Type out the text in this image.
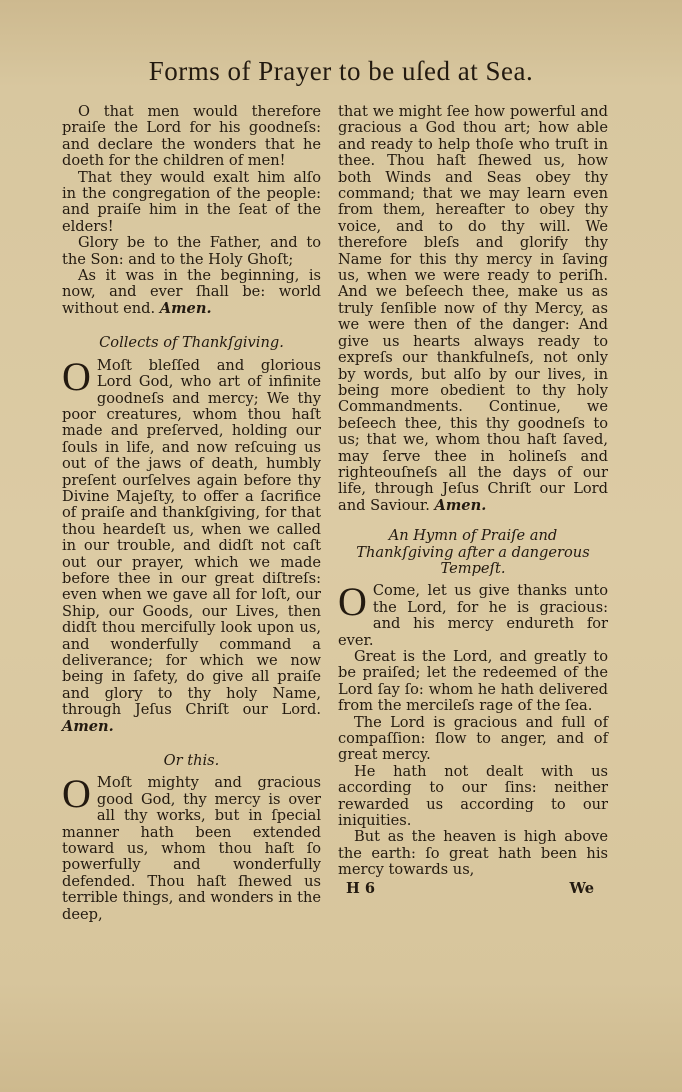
Forms of Prayer to be uſed at Sea.

O that men would therefore praiſe the Lord for his goodneſs: and declare the wonders that he doeth for the children of men!

That they would exalt him alſo in the congregation of the people: and praiſe him in the ſeat of the elders!

Glory be to the Father, and to the Son: and to the Holy Ghoſt;

As it was in the beginning, is now, and ever ſhall be: world without end. Amen.

Collects of Thankſgiving.

O Moſt bleſſed and glorious Lord God, who art of infinite goodneſs and mercy; We thy poor creatures, whom thou haſt made and preſerved, holding our ſouls in life, and now reſcuing us out of the jaws of death, humbly preſent ourſelves again before thy Divine Majeſty, to offer a ſacrifice of praiſe and thankſgiving, for that thou heardeſt us, when we called in our trouble, and didſt not caſt out our prayer, which we made before thee in our great diſtreſs: even when we gave all for loſt, our Ship, our Goods, our Lives, then didſt thou mercifully look upon us, and wonderfully command a deliverance; for which we now being in ſafety, do give all praiſe and glory to thy holy Name, through Jeſus Chriſt our Lord. Amen.

Or this.

O Moſt mighty and gracious good God, thy mercy is over all thy works, but in ſpecial manner hath been extended toward us, whom thou haſt ſo powerfully and wonderfully defended. Thou haſt ſhewed us terrible things, and wonders in the deep,

that we might ſee how powerful and gracious a God thou art; how able and ready to help thoſe who truſt in thee. Thou haſt ſhewed us, how both Winds and Seas obey thy command; that we may learn even from them, hereafter to obey thy voice, and to do thy will. We therefore bleſs and glorify thy Name for this thy mercy in ſaving us, when we were ready to periſh. And we beſeech thee, make us as truly ſenſible now of thy Mercy, as we were then of the danger: And give us hearts always ready to expreſs our thankfulneſs, not only by words, but alſo by our lives, in being more obedient to thy holy Commandments. Continue, we beſeech thee, this thy goodneſs to us; that we, whom thou haſt ſaved, may ſerve thee in holineſs and righteouſneſs all the days of our life, through Jeſus Chriſt our Lord and Saviour. Amen.

An Hymn of Praiſe and Thankſgiving after a dangerous Tempeſt.

O Come, let us give thanks unto the Lord, for he is gracious: and his mercy endureth for ever.

Great is the Lord, and greatly to be praiſed; let the redeemed of the Lord ſay ſo: whom he hath delivered from the mercileſs rage of the ſea.

The Lord is gracious and full of compaſſion: ſlow to anger, and of great mercy.

He hath not dealt with us according to our ſins: neither rewarded us according to our iniquities.

But as the heaven is high above the earth: ſo great hath been his mercy towards us,

H 6	We
